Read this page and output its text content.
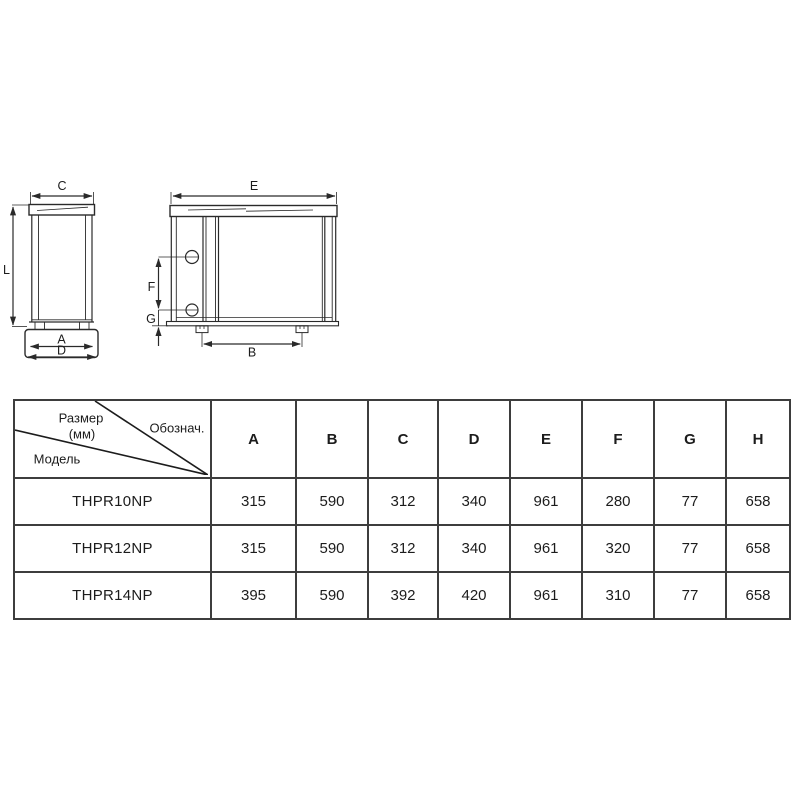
C
L
A
D
E
F
G
B
Размер
(мм) Обознач.
Модель	A	B	C	D	E	F	G	H
THPR10NP	315	590	312	340	961	280	77	658
THPR12NP	315	590	312	340	961	320	77	658
THPR14NP	395	590	392	420	961	310	77	658
